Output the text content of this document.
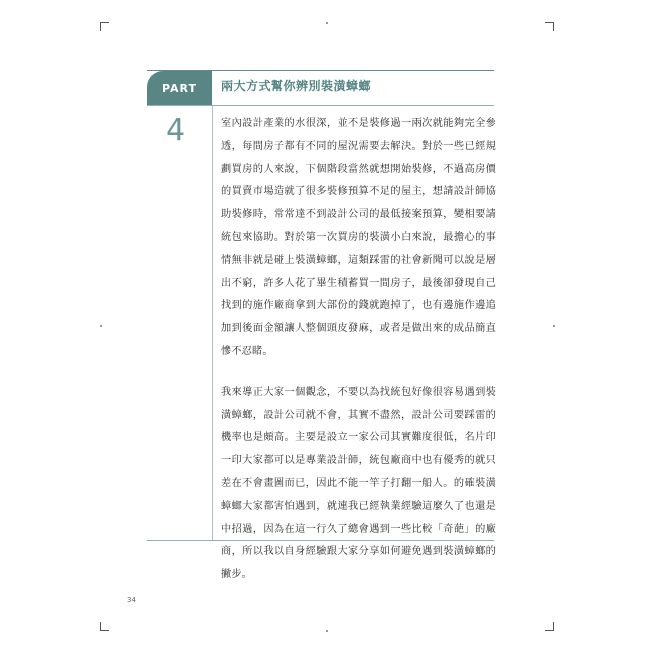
PART 兩大方式幫你辨別裝潢蟑螂
4	室內設計產業的水很深，並不是裝修過一兩次就能夠完全參透，每間房子都有不同的屋況需要去解決。對於一些已經規劃買房的人來說，下個階段當然就想開始裝修，不過高房價的買賣市場造就了很多裝修預算不足的屋主，想請設計師協助裝修時，常常達不到設計公司的最低接案預算，變相要請統包來協助。對於第一次買房的裝潢小白來說，最擔心的事情無非就是碰上裝潢蟑螂，這類踩雷的社會新聞可以說是層出不窮，許多人花了畢生積蓄買一間房子，最後卻發現自己找到的施作廠商拿到大部份的錢就跑掉了，也有邊施作邊追加到後面金額讓人整個頭皮發麻，或者是做出來的成品簡直慘不忍睹。

我來導正大家一個觀念，不要以為找統包好像很容易遇到裝潢蟑螂，設計公司就不會，其實不盡然，設計公司要踩雷的機率也是頗高。主要是設立一家公司其實難度很低，名片印一印大家都可以是專業設計師，統包廠商中也有優秀的就只差在不會畫圖而已，因此不能一竿子打翻一船人。的確裝潢蟑螂大家都害怕遇到，就連我已經執業經驗這麼久了也還是中招過，因為在這一行久了總會遇到一些比較「奇葩」的廠商，所以我以自身經驗跟大家分享如何避免遇到裝潢蟑螂的撇步。

34
